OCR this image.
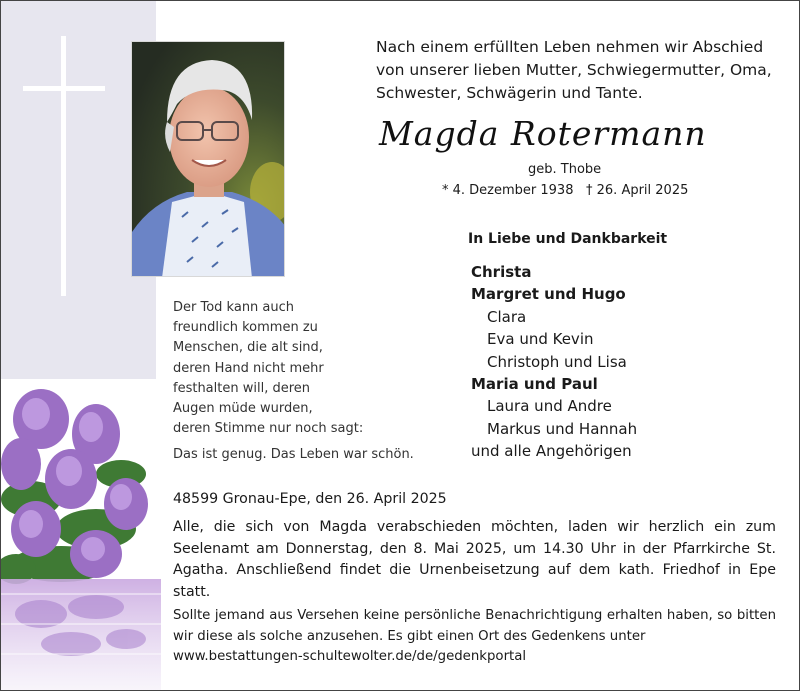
Nach einem erfüllten Leben nehmen wir Abschied
von unserer lieben Mutter, Schwiegermutter, Oma,
Schwester, Schwägerin und Tante.
Magda Rotermann
geb. Thobe
* 4. Dezember 1938 † 26. April 2025
In Liebe und Dankbarkeit
Christa
Margret und Hugo
Clara
Eva und Kevin
Christoph und Lisa
Maria und Paul
Laura und Andre
Markus und Hannah
und alle Angehörigen
Der Tod kann auch
freundlich kommen zu
Menschen, die alt sind,
deren Hand nicht mehr
festhalten will, deren
Augen müde wurden,
deren Stimme nur noch sagt:
Das ist genug. Das Leben war schön.
48599 Gronau-Epe, den 26. April 2025
Alle, die sich von Magda verabschieden möchten, laden wir herzlich ein zum Seelenamt am Donnerstag, den 8. Mai 2025, um 14.30 Uhr in der Pfarrkirche St. Agatha. Anschließend findet die Urnenbeisetzung auf dem kath. Friedhof in Epe statt.
Sollte jemand aus Versehen keine persönliche Benachrichtigung erhalten haben, so bitten wir diese als solche anzusehen. Es gibt einen Ort des Gedenkens unter
www.bestattungen-schultewolter.de/de/gedenkportal
